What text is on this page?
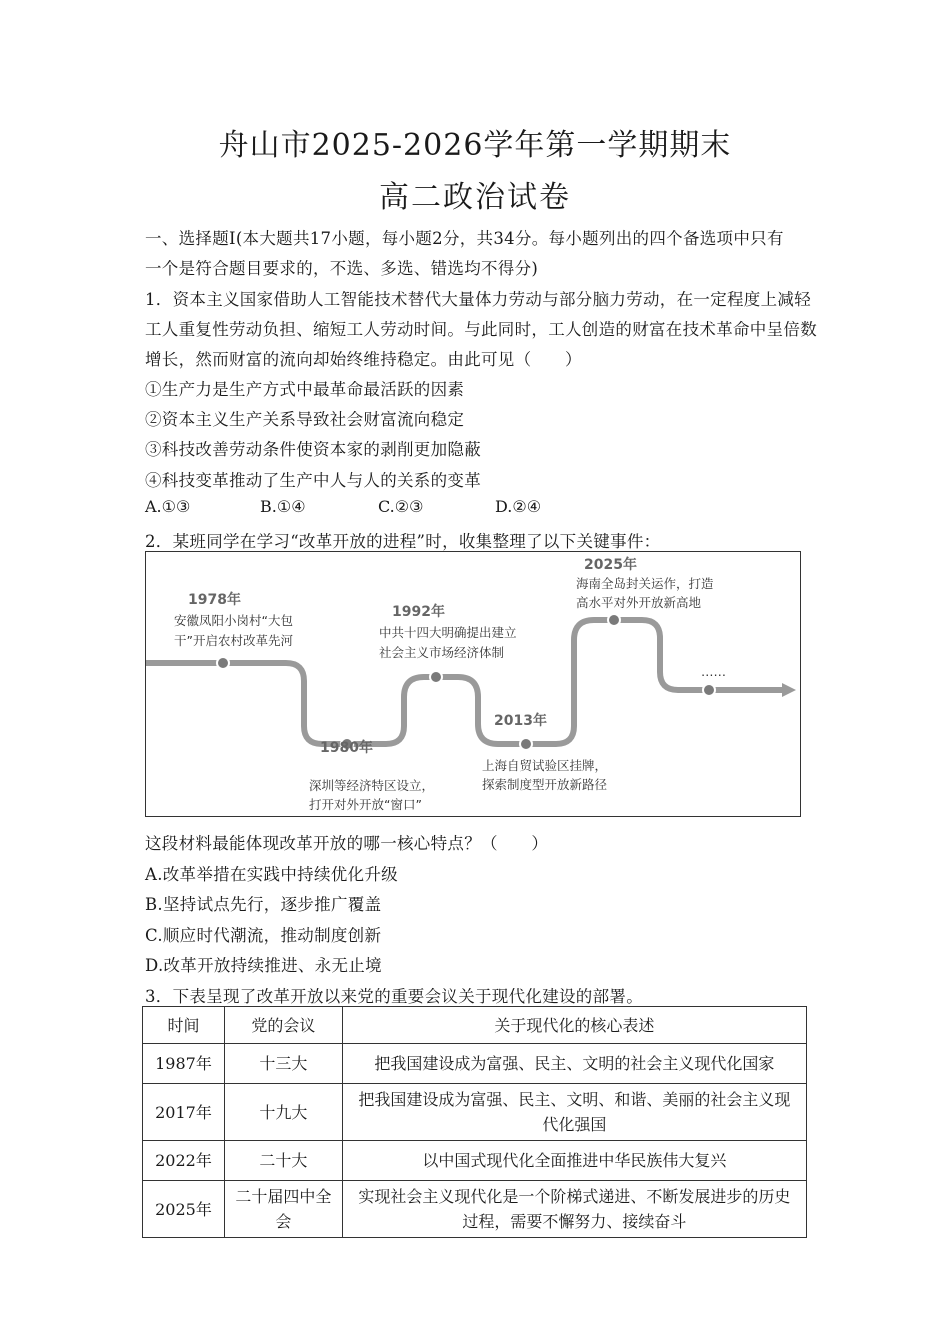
舟山市2025-2026学年第一学期期末
高二政治试卷
一、选择题Ⅰ(本大题共17小题，每小题2分，共34分。每小题列出的四个备选项中只有
一个是符合题目要求的，不选、多选、错选均不得分)
1．资本主义国家借助人工智能技术替代大量体力劳动与部分脑力劳动，在一定程度上减轻
工人重复性劳动负担、缩短工人劳动时间。与此同时，工人创造的财富在技术革命中呈倍数
增长，然而财富的流向却始终维持稳定。由此可见（　　）
①生产力是生产方式中最革命最活跃的因素
②资本主义生产关系导致社会财富流向稳定
③科技改善劳动条件使资本家的剥削更加隐蔽
④科技变革推动了生产中人与人的关系的变革
A.①③	B.①④	C.②③	D.②④
2．某班同学在学习“改革开放的进程”时，收集整理了以下关键事件：
1978年
安徽凤阳小岗村“大包
干”开启农村改革先河
1980年
深圳等经济特区设立，
打开对外开放“窗口”
1992年
中共十四大明确提出建立
社会主义市场经济体制
2013年
上海自贸试验区挂牌，
探索制度型开放新路径
2025年
海南全岛封关运作，打造
高水平对外开放新高地
……
这段材料最能体现改革开放的哪一核心特点？（　　）
A.改革举措在实践中持续优化升级
B.坚持试点先行，逐步推广覆盖
C.顺应时代潮流，推动制度创新
D.改革开放持续推进、永无止境
3．下表呈现了改革开放以来党的重要会议关于现代化建设的部署。
时间	党的会议	关于现代化的核心表述
1987年	十三大	把我国建设成为富强、民主、文明的社会主义现代化国家
2017年	十九大	把我国建设成为富强、民主、文明、和谐、美丽的社会主义现
代化强国
2022年	二十大	以中国式现代化全面推进中华民族伟大复兴
2025年	二十届四中全会	实现社会主义现代化是一个阶梯式递进、不断发展进步的历史
过程，需要不懈努力、接续奋斗
